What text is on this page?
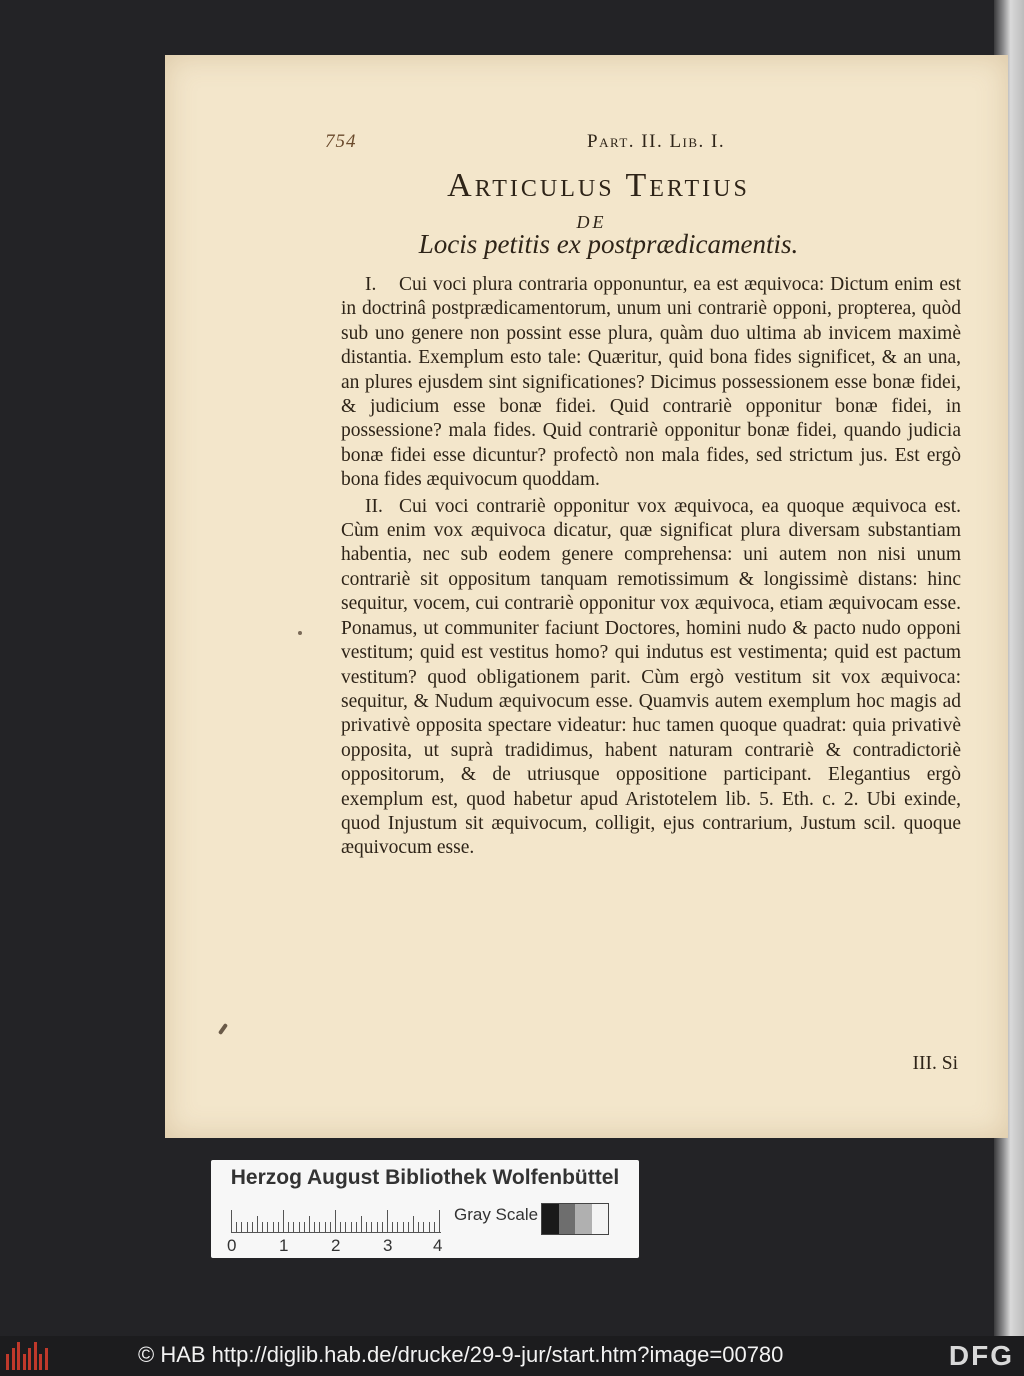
754	Part. II. Lib. I.
Articulus Tertius
DE
Locis petitis ex postprædicamentis.

I. Cui voci plura contraria opponuntur, ea est æquivoca: Dictum enim est in doctrinâ postprædicamentorum, unum uni contrariè opponi, propterea, quòd sub uno genere non possint esse plura, quàm duo ultima ab invicem maximè distantia. Exemplum esto tale: Quæritur, quid bona fides significet, & an una, an plures ejusdem sint significationes? Dicimus possessionem esse bonæ fidei, & judicium esse bonæ fidei. Quid contrariè opponitur bonæ fidei, in possessione? mala fides. Quid contrariè opponitur bonæ fidei, quando judicia bonæ fidei esse dicuntur? profectò non mala fides, sed strictum jus. Est ergò bona fides æquivocum quoddam.

II. Cui voci contrariè opponitur vox æquivoca, ea quoque æquivoca est. Cùm enim vox æquivoca dicatur, quæ significat plura diversam substantiam habentia, nec sub eodem genere comprehensa: uni autem non nisi unum contrariè sit oppositum tanquam remotissimum & longissimè distans: hinc sequitur, vocem, cui contrariè opponitur vox æquivoca, etiam æquivocam esse. Ponamus, ut communiter faciunt Doctores, homini nudo & pacto nudo opponi vestitum; quid est vestitus homo? qui indutus est vestimenta; quid est pactum vestitum? quod obligationem parit. Cùm ergò vestitum sit vox æquivoca: sequitur, & Nudum æquivocum esse. Quamvis autem exemplum hoc magis ad privativè opposita spectare videatur: huc tamen quoque quadrat: quia privativè opposita, ut suprà tradidimus, habent naturam contrariè & contradictoriè oppositorum, & de utriusque oppositione participant. Elegantius ergò exemplum est, quod habetur apud Aristotelem lib. 5. Eth. c. 2. Ubi exinde, quod Injustum sit æquivocum, colligit, ejus contrarium, Justum scil. quoque æquivocum esse.

III. Si
Herzog August Bibliothek Wolfenbüttel
0	1	2	3 4
Gray Scale
© HAB http://diglib.hab.de/drucke/29-9-jur/start.htm?image=00780	DFG
